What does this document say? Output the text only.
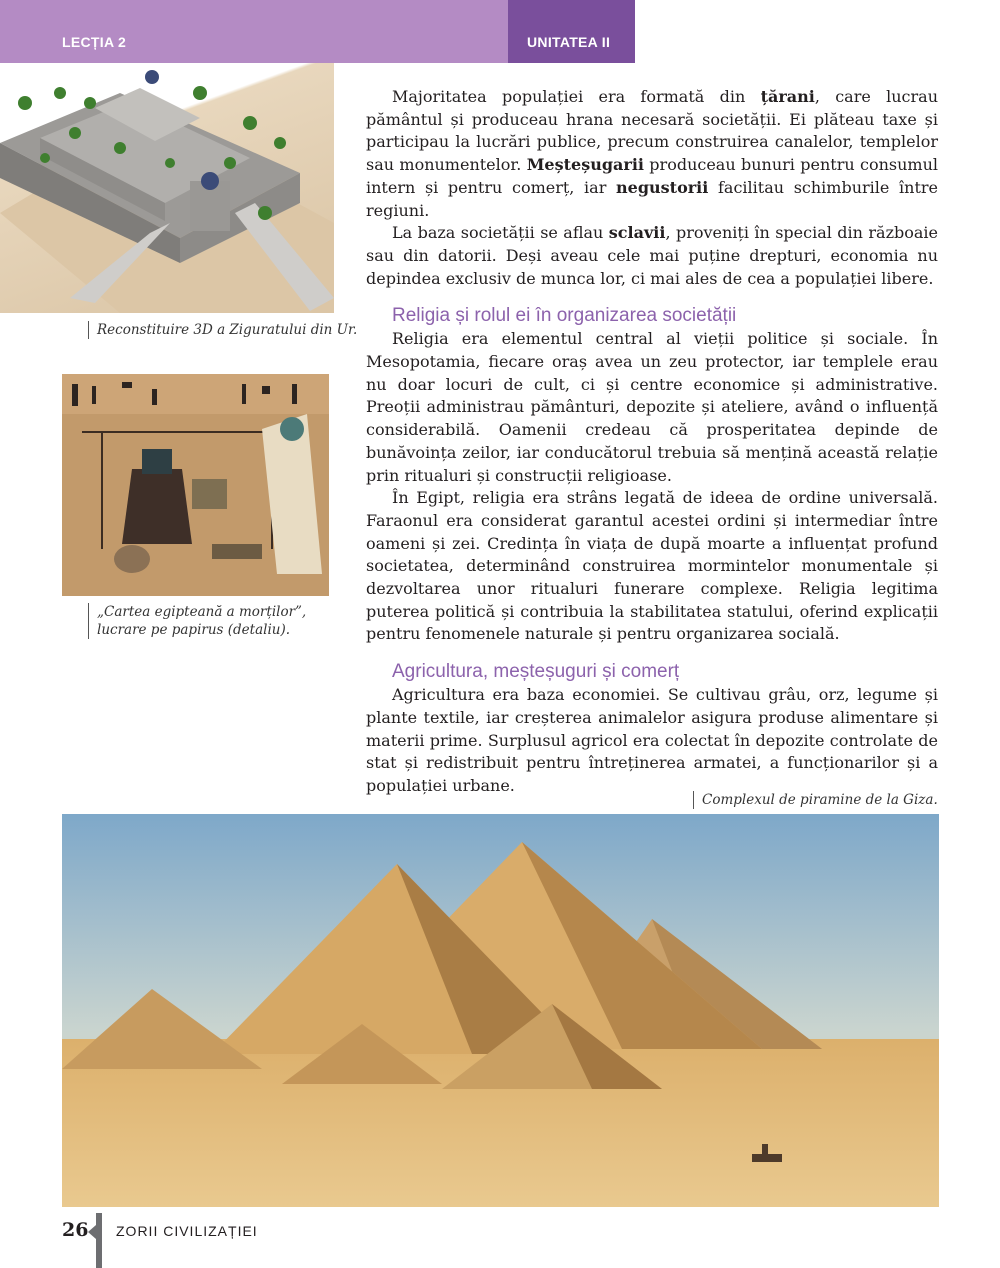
LECȚIA 2	UNITATEA II
Reconstituire 3D a Ziguratului din Ur.
„Cartea egipteană a morților”,
lucrare pe papirus (detaliu).

Majoritatea populației era formată din țărani, care lucrau pământul și produceau hrana necesară societății. Ei plăteau taxe și participau la lucrări publice, precum construirea canalelor, templelor sau monumentelor. Meșteșugarii produceau bunuri pentru consumul intern și pentru comerț, iar negustorii facilitau schimburile între regiuni.

La baza societății se aflau sclavii, proveniți în special din războaie sau din datorii. Deși aveau cele mai puține drepturi, economia nu depindea exclusiv de munca lor, ci mai ales de cea a populației libere.

Religia și rolul ei în organizarea societății

Religia era elementul central al vieții politice și sociale. În Mesopotamia, fiecare oraș avea un zeu protector, iar templele erau nu doar locuri de cult, ci și centre economice și administrative. Preoții administrau pământuri, depozite și ateliere, având o influență considerabilă. Oamenii credeau că prosperitatea depinde de bunăvoința zeilor, iar conducătorul trebuia să mențină această relație prin ritualuri și construcții religioase.

În Egipt, religia era strâns legată de ideea de ordine universală. Faraonul era considerat garantul acestei ordini și intermediar între oameni și zei. Credința în viața de după moarte a influențat profund societatea, determinând construirea mormintelor monumentale și dezvoltarea unor ritualuri funerare complexe. Religia legitima puterea politică și contribuia la stabilitatea statului, oferind explicații pentru fenomenele naturale și pentru organizarea socială.

Agricultura, meșteșuguri și comerț

Agricultura era baza economiei. Se cultivau grâu, orz, legume și plante textile, iar creșterea animalelor asigura produse alimentare și materii prime. Surplusul agricol era colectat în depozite controlate de stat și redistribuit pentru întreținerea armatei, a funcționarilor și a populației urbane.

Complexul de piramine de la Giza.
26 ZORII CIVILIZAȚIEI
